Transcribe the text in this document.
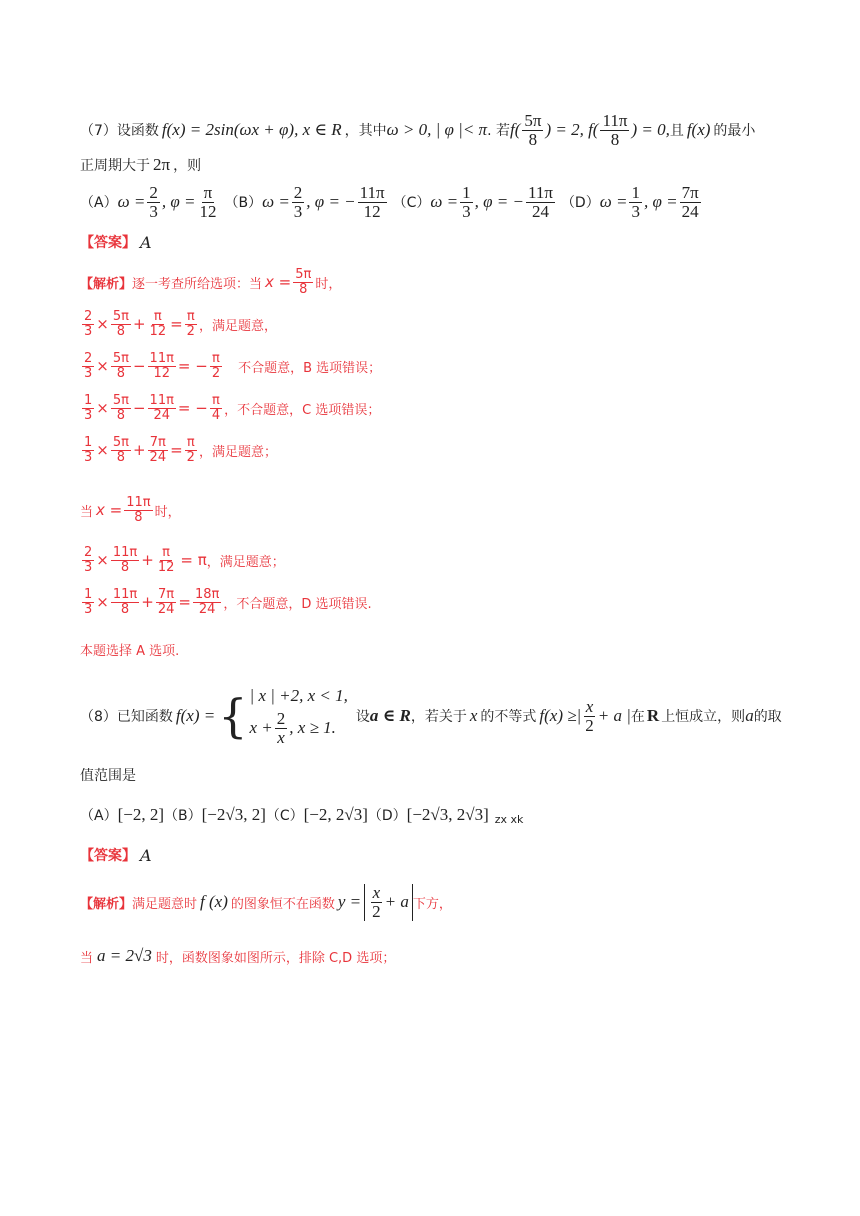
（7）设函数 f(x) = 2sin(ωx + φ), x ∈ R ，其中 ω > 0, | φ |< π . 若 $f( \frac{5\pi}{8}$ ) = 2, $f( \frac{11\pi}{8}$ ) = 0, 且 f(x) 的最小
正周期大于 2π ，则
（A） $\omega = \frac{2}{3}$ , $\varphi = \frac{\pi}{12} (B) \omega = \frac{2}{3}$ , φ = − $\frac{11\pi}{12} (C) \omega = \frac{1}{3}$ , φ = − $\frac{11\pi}{24} (D) \omega = \frac{1}{3}$ , $\varphi = \frac{7\pi}{24}$
【答案】 A
【解析】 逐一考查所给选项：当 $x = \frac{5\pi}{8}$ 时，
$\frac{2}{3} \times \frac{5\pi}{8} + \frac{\pi}{12} = \frac{\pi}{2}$ ，满足题意，
$\frac{2}{3} \times \frac{5\pi}{8} - \frac{11\pi}{12}$ = − $\frac{\pi}{2}$ 不合题意，B 选项错误；
$\frac{1}{3} \times \frac{5\pi}{8} - \frac{11\pi}{24}$ = − $\frac{\pi}{4}$ ，不合题意，C 选项错误；
$\frac{1}{3} \times \frac{5\pi}{8} + \frac{7\pi}{24} = \frac{\pi}{2}$ ，满足题意；
当 $x = \frac{11\pi}{8}$ 时，
$\frac{2}{3} \times \frac{11\pi}{8} + \frac{\pi}{12} = \pi$ ，满足题意；
$\frac{1}{3} \times \frac{11\pi}{8} + \frac{7\pi}{24} = \frac{18\pi}{24}$ ，不合题意，D 选项错误.
本题选择 A 选项.
（8）已知函数 f(x) = { | x | +2, x < 1,
$x + \frac{2}{x}$ , x ≥ 1.
设 a ∈ R ，若关于 x 的不等式 f(x) ≥| $\frac{x}{2} + a$ | 在 R 上恒成立，则 a 的取
值范围是
（A） [−2, 2] （B） [−2√3, 2] （C） [−2, 2√3] （D） [−2√3, 2√3] zx xk
【答案】 A
【解析】 满足题意时 f (x) 的图象恒不在函数 $y = \frac{x}{2} + a$ 下方，
当 a = 2√3 时，函数图象如图所示，排除 C,D 选项；
